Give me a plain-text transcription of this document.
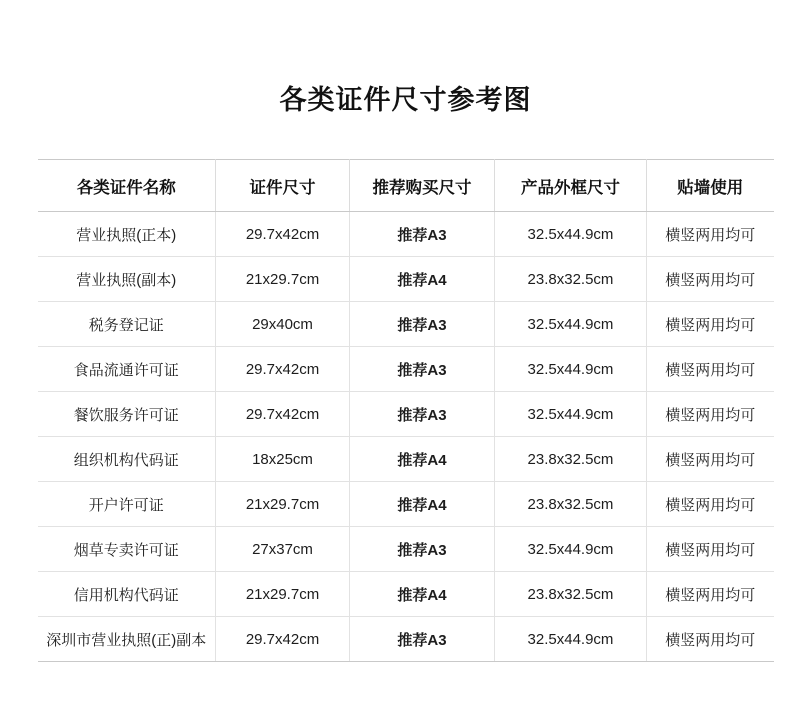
各类证件尺寸参考图
各类证件名称	证件尺寸	推荐购买尺寸	产品外框尺寸	贴墙使用
营业执照(正本)	29.7x42cm	推荐A3	32.5x44.9cm	横竖两用均可
营业执照(副本)	21x29.7cm	推荐A4	23.8x32.5cm	横竖两用均可
税务登记证	29x40cm	推荐A3	32.5x44.9cm	横竖两用均可
食品流通许可证	29.7x42cm	推荐A3	32.5x44.9cm	横竖两用均可
餐饮服务许可证	29.7x42cm	推荐A3	32.5x44.9cm	横竖两用均可
组织机构代码证	18x25cm	推荐A4	23.8x32.5cm	横竖两用均可
开户许可证	21x29.7cm	推荐A4	23.8x32.5cm	横竖两用均可
烟草专卖许可证	27x37cm	推荐A3	32.5x44.9cm	横竖两用均可
信用机构代码证	21x29.7cm	推荐A4	23.8x32.5cm	横竖两用均可
深圳市营业执照(正)副本	29.7x42cm	推荐A3	32.5x44.9cm	横竖两用均可
